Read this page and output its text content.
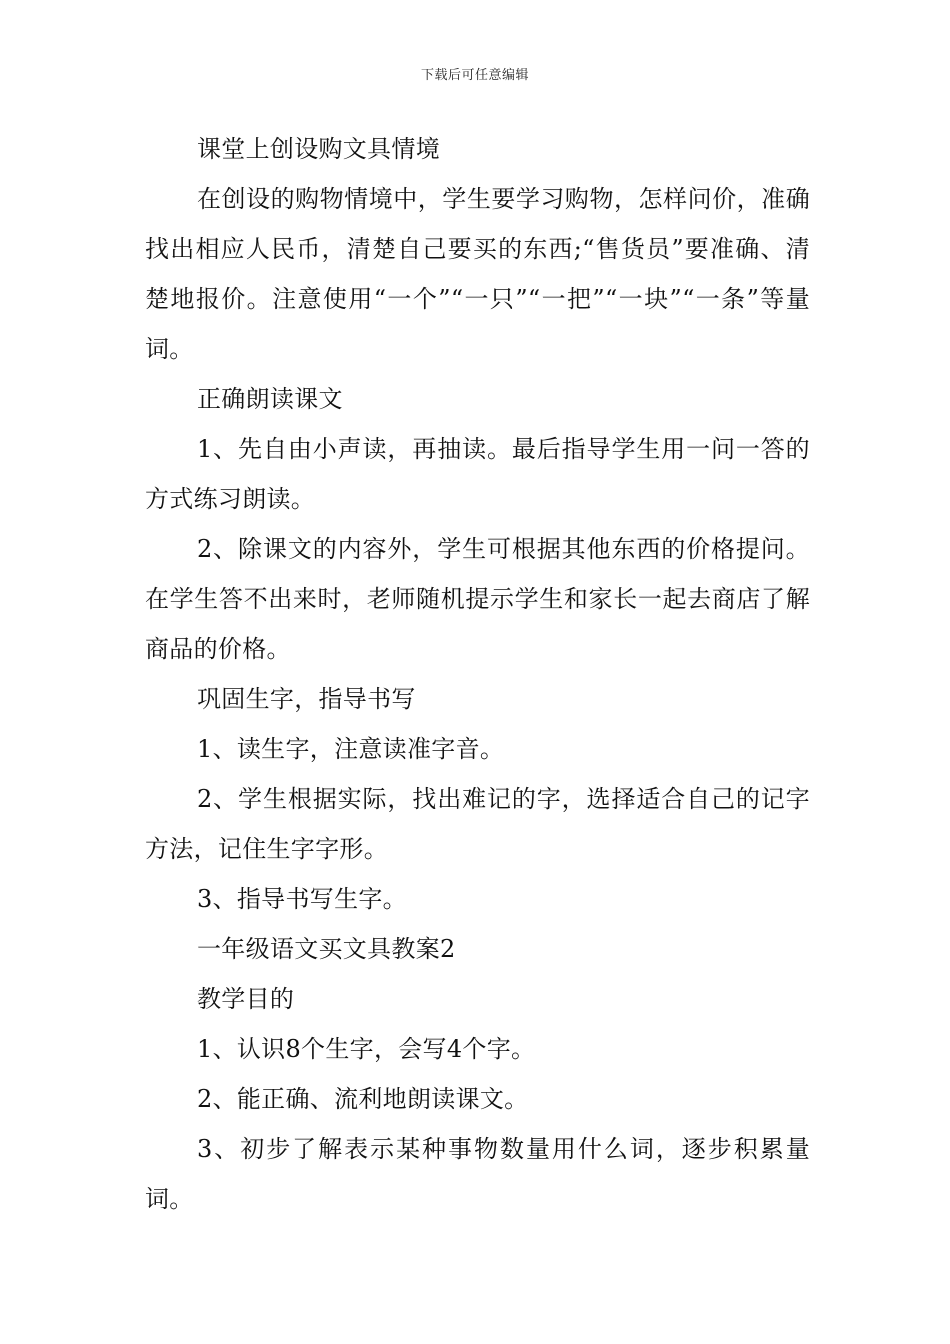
下载后可任意编辑

课堂上创设购文具情境

在创设的购物情境中，学生要学习购物，怎样问价，准确找出相应人民币，清楚自己要买的东西;“售货员”要准确、清楚地报价。注意使用“一个”“一只”“一把”“一块”“一条”等量词。

正确朗读课文

1、先自由小声读，再抽读。最后指导学生用一问一答的方式练习朗读。

2、除课文的内容外，学生可根据其他东西的价格提问。在学生答不出来时，老师随机提示学生和家长一起去商店了解商品的价格。

巩固生字，指导书写

1、读生字，注意读准字音。

2、学生根据实际，找出难记的字，选择适合自己的记字方法，记住生字字形。

3、指导书写生字。

一年级语文买文具教案2

教学目的

1、认识8个生字，会写4个字。

2、能正确、流利地朗读课文。

3、初步了解表示某种事物数量用什么词，逐步积累量词。
